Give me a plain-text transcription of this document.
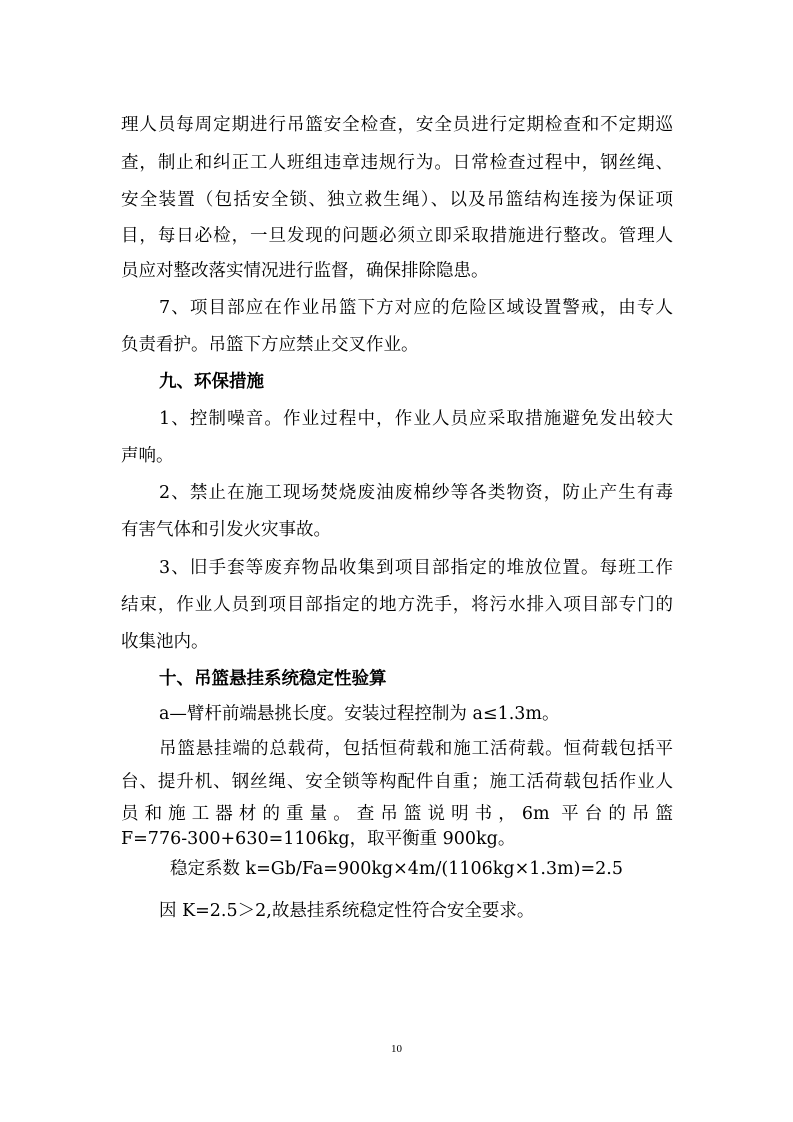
理人员每周定期进行吊篮安全检查，安全员进行定期检查和不定期巡
查，制止和纠正工人班组违章违规行为。日常检查过程中，钢丝绳、
安全装置（包括安全锁、独立救生绳）、以及吊篮结构连接为保证项
目，每日必检，一旦发现的问题必须立即采取措施进行整改。管理人
员应对整改落实情况进行监督，确保排除隐患。
7、项目部应在作业吊篮下方对应的危险区域设置警戒，由专人
负责看护。吊篮下方应禁止交叉作业。
九、环保措施
1、控制噪音。作业过程中，作业人员应采取措施避免发出较大
声响。
2、禁止在施工现场焚烧废油废棉纱等各类物资，防止产生有毒
有害气体和引发火灾事故。
3、旧手套等废弃物品收集到项目部指定的堆放位置。每班工作
结束，作业人员到项目部指定的地方洗手，将污水排入项目部专门的
收集池内。
十、吊篮悬挂系统稳定性验算
a—臂杆前端悬挑长度。安装过程控制为 a≤1.3m。
吊篮悬挂端的总载荷，包括恒荷载和施工活荷载。恒荷载包括平
台、提升机、钢丝绳、安全锁等构配件自重；施工活荷载包括作业人
员和施工器材的重量。查吊篮说明书，6m 平台的吊篮
F=776-300+630=1106kg，取平衡重 900kg。
稳定系数 k=Gb/Fa=900kg×4m/(1106kg×1.3m)=2.5
因 K=2.5＞2,故悬挂系统稳定性符合安全要求。
10
